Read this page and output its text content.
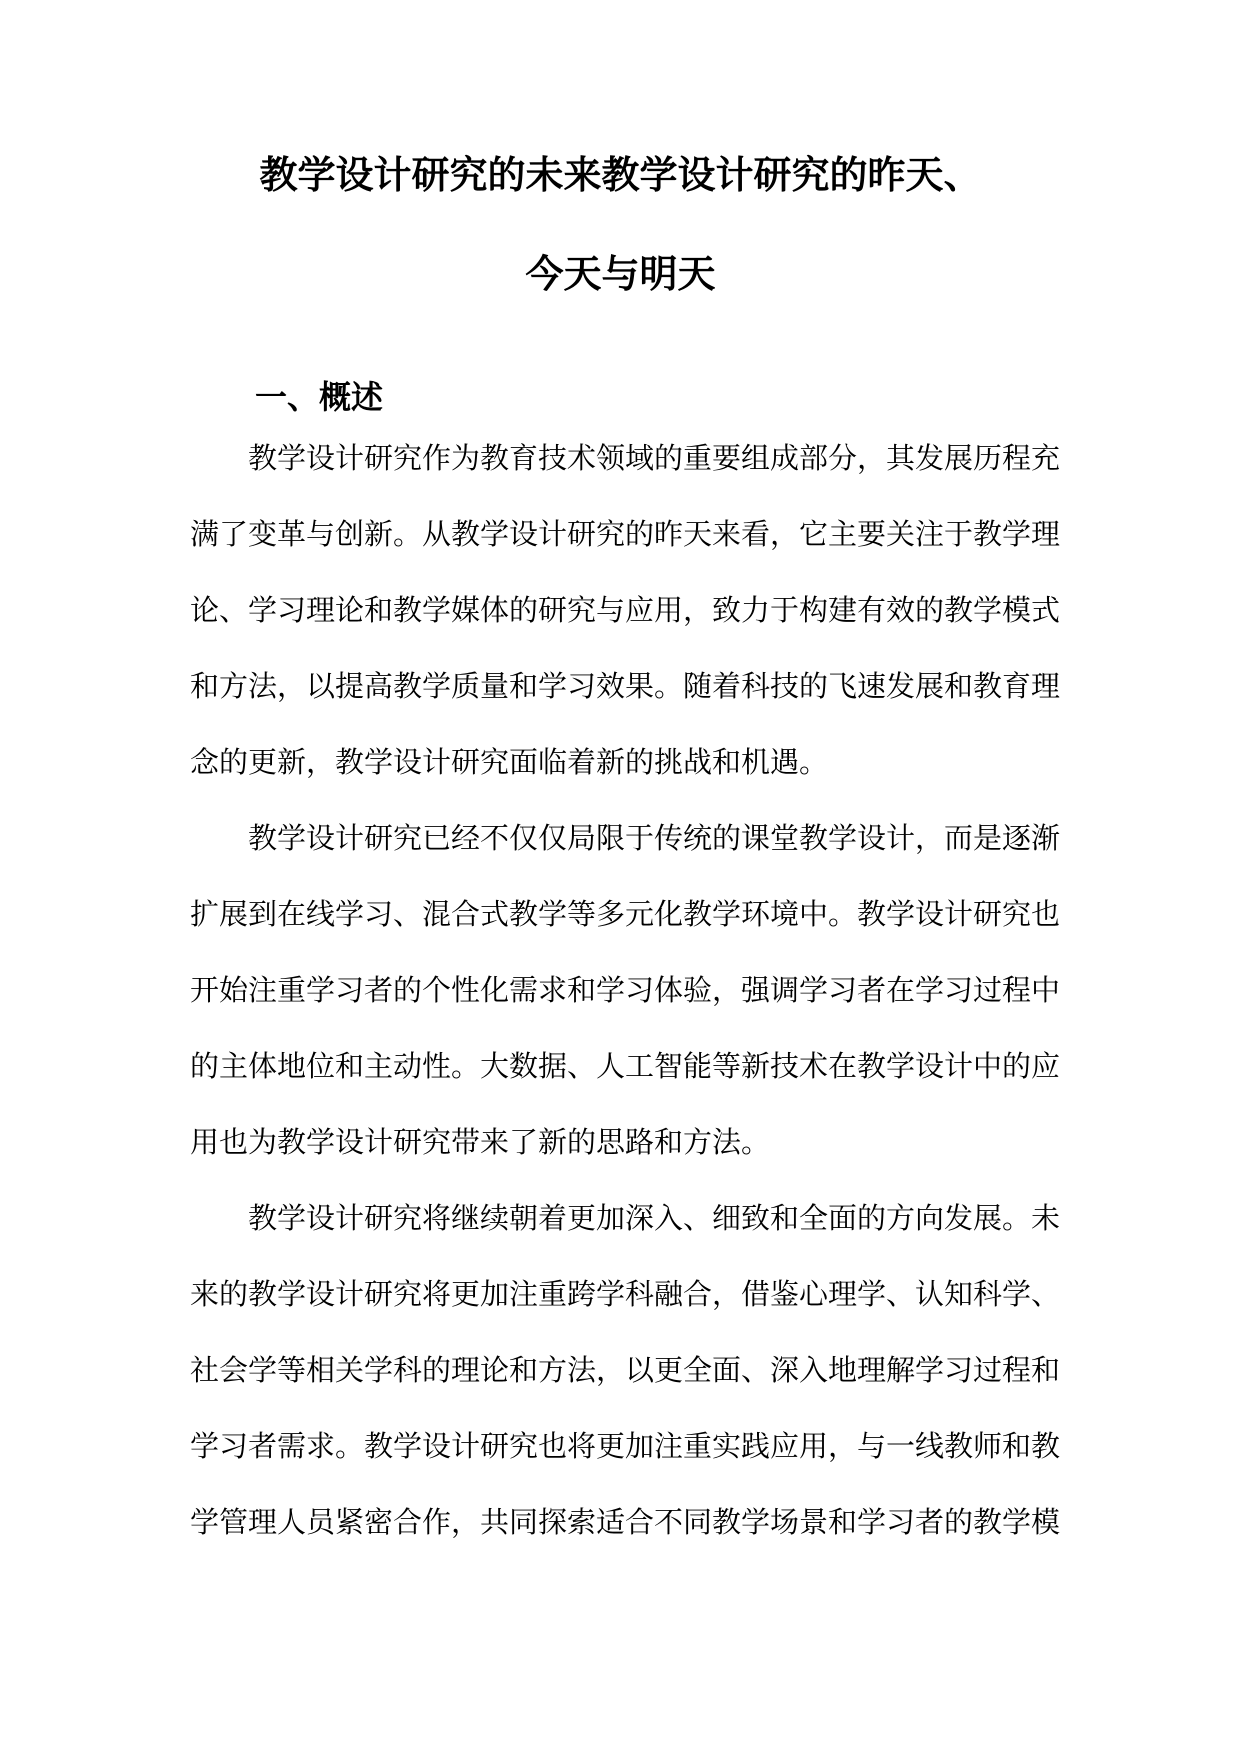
教学设计研究的未来教学设计研究的昨天、
今天与明天
一、概述

教学设计研究作为教育技术领域的重要组成部分，其发展历程充满了变革与创新。从教学设计研究的昨天来看，它主要关注于教学理论、学习理论和教学媒体的研究与应用，致力于构建有效的教学模式和方法，以提高教学质量和学习效果。随着科技的飞速发展和教育理念的更新，教学设计研究面临着新的挑战和机遇。

教学设计研究已经不仅仅局限于传统的课堂教学设计，而是逐渐扩展到在线学习、混合式教学等多元化教学环境中。教学设计研究也开始注重学习者的个性化需求和学习体验，强调学习者在学习过程中的主体地位和主动性。大数据、人工智能等新技术在教学设计中的应用也为教学设计研究带来了新的思路和方法。

教学设计研究将继续朝着更加深入、细致和全面的方向发展。未来的教学设计研究将更加注重跨学科融合，借鉴心理学、认知科学、社会学等相关学科的理论和方法，以更全面、深入地理解学习过程和学习者需求。教学设计研究也将更加注重实践应用，与一线教师和教学管理人员紧密合作，共同探索适合不同教学场景和学习者的教学模
